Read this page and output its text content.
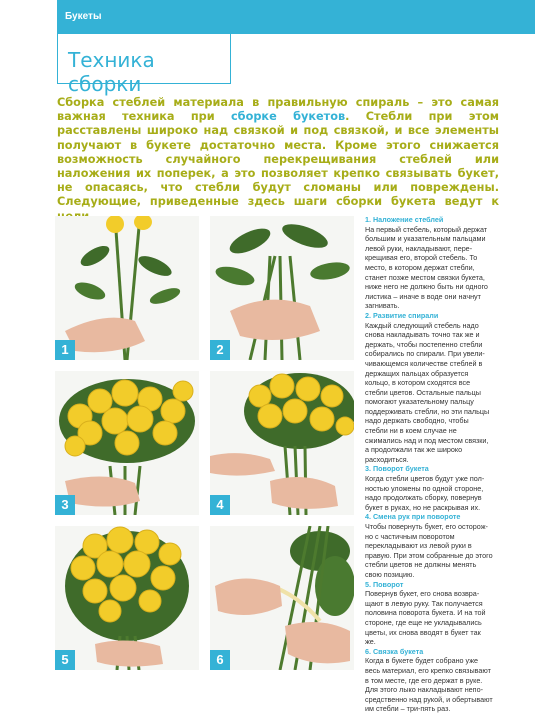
Букеты
Техника сборки
Сборка стеблей материала в правильную спираль – это самая важная техника при сборке букетов. Стебли при этом расставлены широко над связкой и под связкой, и все элементы получают в букете достаточно места. Кроме этого снижается возможность случайного перекрещивания стеблей или наложения их поперек, а это позволяет крепко связывать букет, не опасаясь, что стебли будут сломаны или повреждены. Следующие, приведенные здесь шаги сборки букета ведут к
1	2
3	4
5	6
1. Наложение стеблей
На первый стебель, который держат большим и указательным пальцами левой руки, накладывают, перекрещивая его, второй стебель. То место, в котором держат стебли, станет позже местом связки букета, ниже него не должно быть ни одного листика – иначе в воде они начнут загнивать.
2. Развитие спирали
Каждый следующий стебель надо снова накладывать точно так же и держать, чтобы постепенно стебли собирались по спирали. При увеличивающемся количестве стеблей в держащих пальцах образуется кольцо, в котором сходятся все стебли цветов. Остальные пальцы помогают указательному пальцу поддерживать стебли, но эти пальцы надо держать свободно, чтобы стебли ни в коем случае не сжимались над и под местом связки, а продолжали так же широко расходиться.
3. Поворот букета
Когда стебли цветов будут уже полностью уложены по одной стороне, надо продолжать сборку, повернув букет в руках, но не раскрывая их.
4. Смена рук при повороте
Чтобы повернуть букет, его осторожно с частичным поворотом перекладывают из левой руки в правую. При этом собранные до этого стебли цветов не должны менять свою позицию.
5. Поворот
Повернув букет, его снова возвращают в левую руку. Так получается половина поворота букета. И на той стороне, где еще не укладывались цветы, их снова вводят в букет так же.
6. Связка букета
Когда в букете будет собрано уже весь материал, его крепко связывают в том месте, где его держат в руке. Для этого лыко накладывают непосредственно над рукой, и обертывают им стебли – три-пять раз.
